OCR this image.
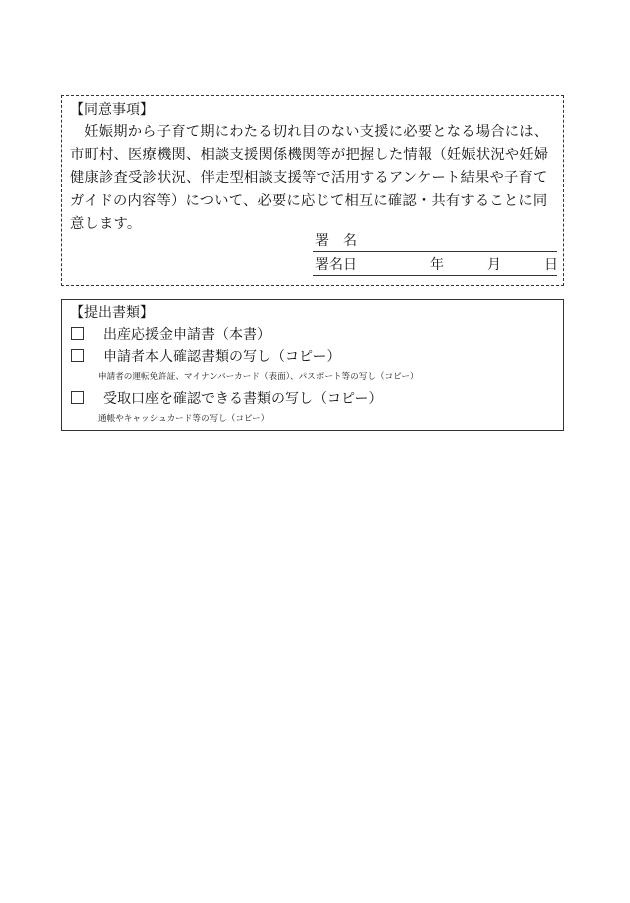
【同意事項】

妊娠期から子育て期にわたる切れ目のない支援に必要となる場合には、市町村、医療機関、相談支援関係機関等が把握した情報（妊娠状況や妊婦健康診査受診状況、伴走型相談支援等で活用するアンケート結果や子育てガイドの内容等）について、必要に応じて相互に確認・共有することに同意します。

署　名
署名日	年	月	日
【提出書類】
出産応援金申請書（本書）
申請者本人確認書類の写し（コピー）
申請者の運転免許証、マイナンバーカード（表面）、パスポート等の写し（コピー）
受取口座を確認できる書類の写し（コピー）
通帳やキャッシュカード等の写し（コピー）
